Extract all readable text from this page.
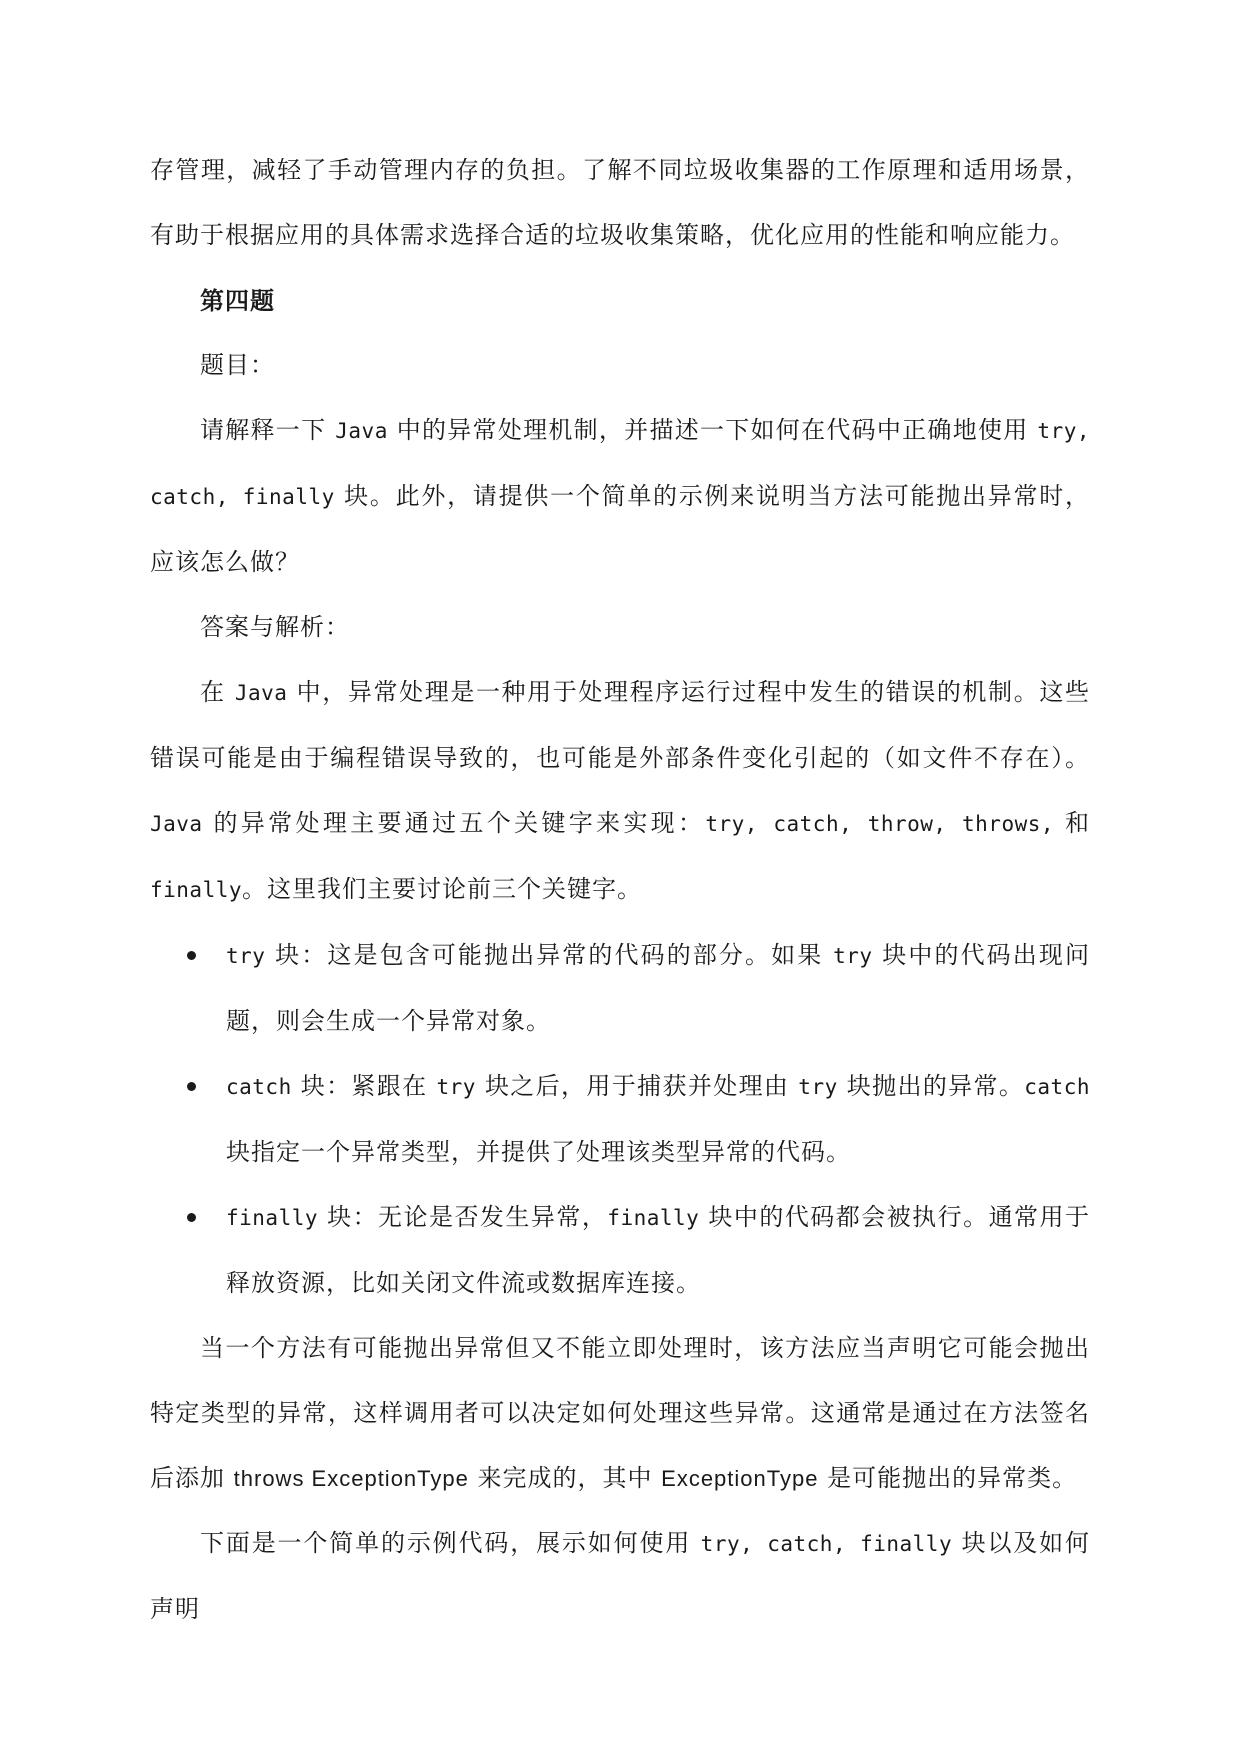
存管理，减轻了手动管理内存的负担。了解不同垃圾收集器的工作原理和适用场景，有助于根据应用的具体需求选择合适的垃圾收集策略，优化应用的性能和响应能力。

第四题

题目：

请解释一下 Java 中的异常处理机制，并描述一下如何在代码中正确地使用 try, catch, finally 块。此外，请提供一个简单的示例来说明当方法可能抛出异常时，应该怎么做？

答案与解析：

在 Java 中，异常处理是一种用于处理程序运行过程中发生的错误的机制。这些错误可能是由于编程错误导致的，也可能是外部条件变化引起的（如文件不存在）。Java 的异常处理主要通过五个关键字来实现：try, catch, throw, throws, 和 finally。这里我们主要讨论前三个关键字。

try 块：这是包含可能抛出异常的代码的部分。如果 try 块中的代码出现问题，则会生成一个异常对象。
catch 块：紧跟在 try 块之后，用于捕获并处理由 try 块抛出的异常。catch 块指定一个异常类型，并提供了处理该类型异常的代码。
finally 块：无论是否发生异常，finally 块中的代码都会被执行。通常用于释放资源，比如关闭文件流或数据库连接。

当一个方法有可能抛出异常但又不能立即处理时，该方法应当声明它可能会抛出特定类型的异常，这样调用者可以决定如何处理这些异常。这通常是通过在方法签名后添加 throws ExceptionType 来完成的，其中 ExceptionType 是可能抛出的异常类。

下面是一个简单的示例代码，展示如何使用 try, catch, finally 块以及如何声明
